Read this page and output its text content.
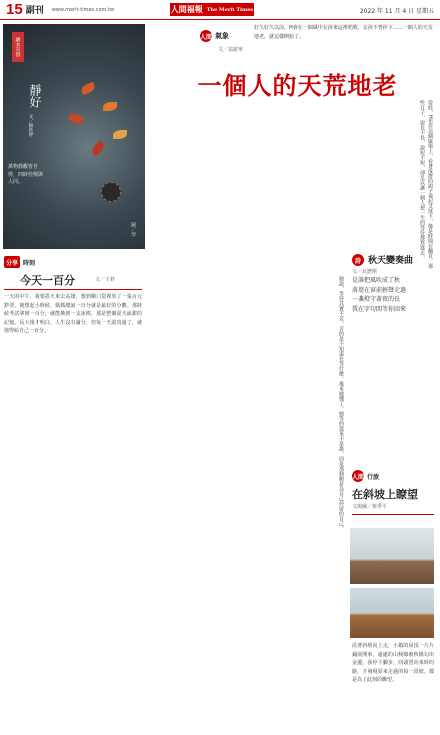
15 副刊 www.merit-times.com.tw	人間福報 The Merit Times	2022 年 11 月 4 日 星期五
繪本有情
靜好
文／賴鈺婷
萬物靜觀皆自得，四時佳興與人同。
圖／琴
人間 氣象
文／翁慈寧
好久好久以前，H會在一個風中女孩來這裡唱歌，女孩不曾停下……一個人的天荒地老，就這樣開始了。
一個人的天荒地老
曾經，H也在這個廣場上，看著成群的鴿子飛起又落下，像是時間在翻頁。那些日子，說長不長，說短不短，卻足以讓一個人把一生的等待都寫進去。
分享 時刻
今天一百分	文／千鈴
一天的中午，我要搭火車去高雄，想到剛口袋裡放了一張百元鈔票，便想起小時候，媽媽總說一百分就是最好的分數。那時候考試拿到一百分，就能換到一支冰棒，那是整個夏天最甜的記憶。長大後才明白，人生沒有滿分，但每一天認真過了，就值得給自己一百分。	她說，等待其實不苦，苦的是不知道在等什麼。後來她懂了，她等的從來不是誰，而是那個願意為自己停留的自己。
詩 秋天變奏曲
文／瓦歷斯
是誰把風吹成了秋
落葉在窗前輕聲走過
一盞燈守著夜的長
我在字句間等你回來
人間 行旅
在斜坡上瞭望
文與圖／蔡季平
沿著斜坡向上走，小鎮的屋頂一片片鋪展開來，遠處的山稜線被秋陽勾出金邊。我停下腳步，回頭望向來時的路，才發現原來走過的每一段坡，都是為了此刻的瞭望。
